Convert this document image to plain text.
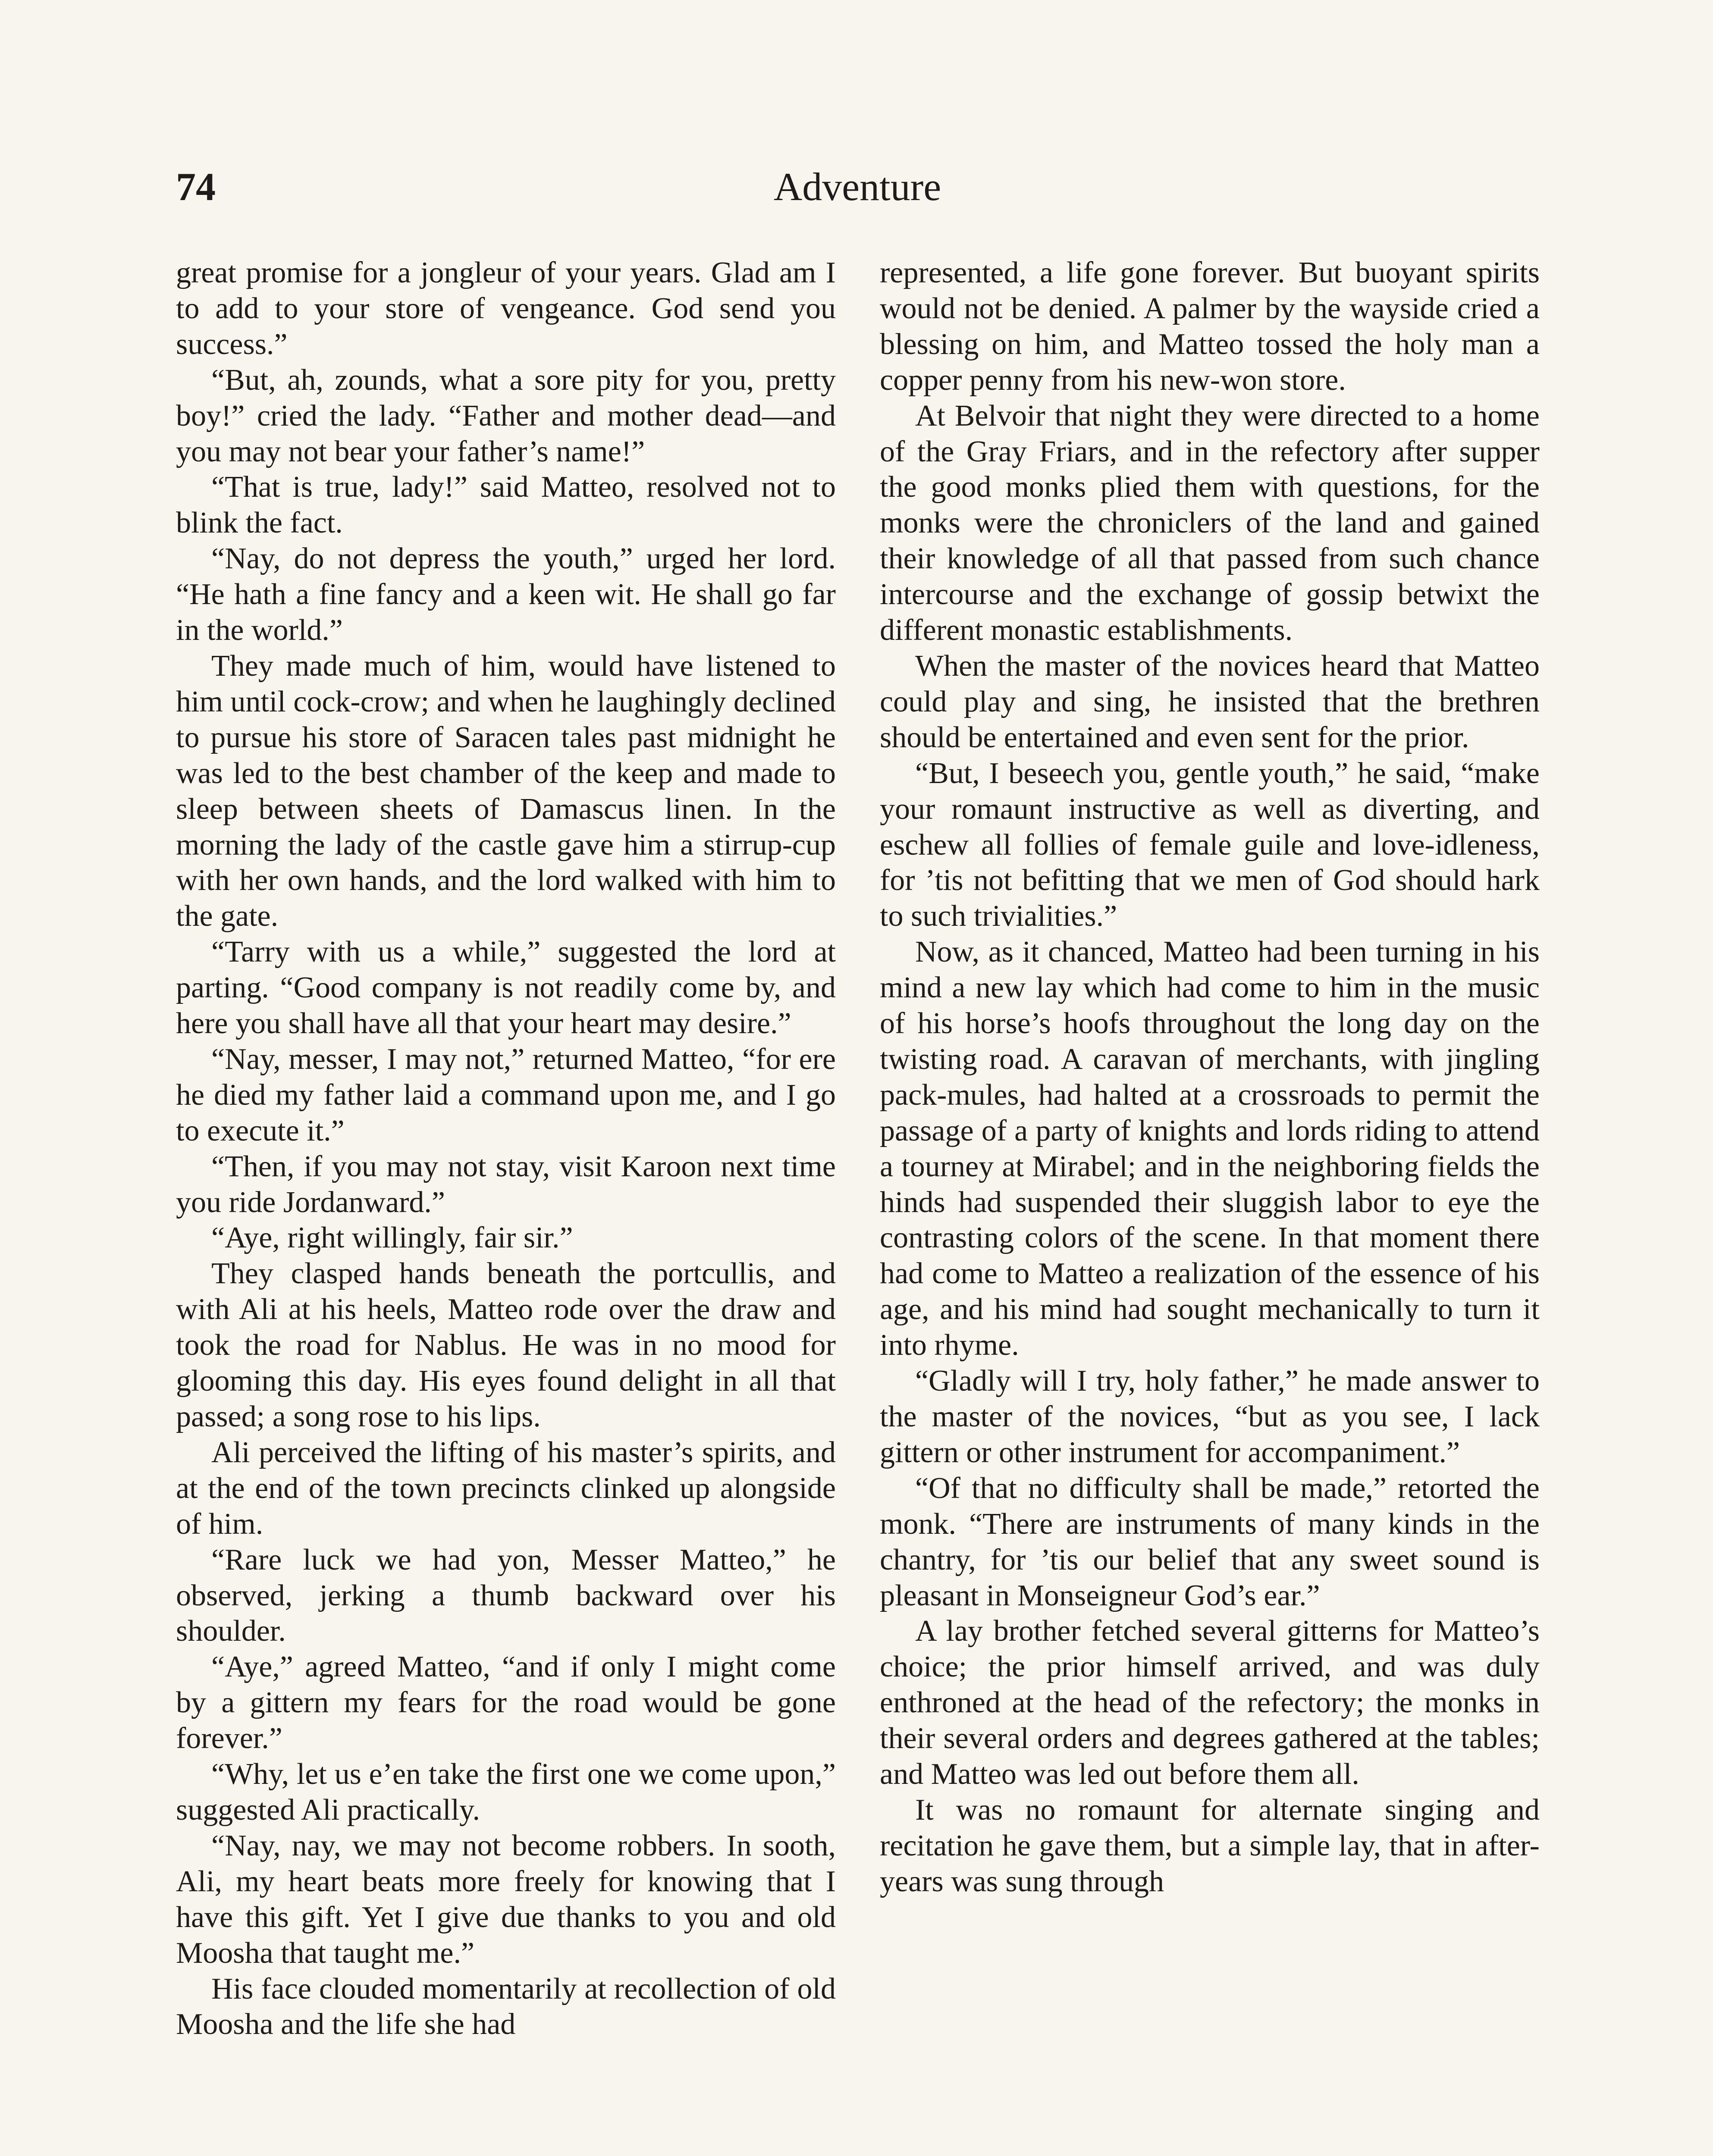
74	Adventure

great promise for a jongleur of your years. Glad am I to add to your store of vengeance. God send you success.”

“But, ah, zounds, what a sore pity for you, pretty boy!” cried the lady. “Father and mother dead—and you may not bear your father’s name!”

“That is true, lady!” said Matteo, resolved not to blink the fact.

“Nay, do not depress the youth,” urged her lord. “He hath a fine fancy and a keen wit. He shall go far in the world.”

They made much of him, would have listened to him until cock-crow; and when he laughingly declined to pursue his store of Saracen tales past midnight he was led to the best chamber of the keep and made to sleep between sheets of Damascus linen. In the morning the lady of the castle gave him a stirrup-cup with her own hands, and the lord walked with him to the gate.

“Tarry with us a while,” suggested the lord at parting. “Good company is not readily come by, and here you shall have all that your heart may desire.”

“Nay, messer, I may not,” returned Matteo, “for ere he died my father laid a command upon me, and I go to execute it.”

“Then, if you may not stay, visit Karoon next time you ride Jordanward.”

“Aye, right willingly, fair sir.”

They clasped hands beneath the portcullis, and with Ali at his heels, Matteo rode over the draw and took the road for Nablus. He was in no mood for glooming this day. His eyes found delight in all that passed; a song rose to his lips.

Ali perceived the lifting of his master’s spirits, and at the end of the town precincts clinked up alongside of him.

“Rare luck we had yon, Messer Matteo,” he observed, jerking a thumb backward over his shoulder.

“Aye,” agreed Matteo, “and if only I might come by a gittern my fears for the road would be gone forever.”

“Why, let us e’en take the first one we come upon,” suggested Ali practically.

“Nay, nay, we may not become robbers. In sooth, Ali, my heart beats more freely for knowing that I have this gift. Yet I give due thanks to you and old Moosha that taught me.”

His face clouded momentarily at recollection of old Moosha and the life she had

represented, a life gone forever. But buoyant spirits would not be denied. A palmer by the wayside cried a blessing on him, and Matteo tossed the holy man a copper penny from his new-won store.

At Belvoir that night they were directed to a home of the Gray Friars, and in the refectory after supper the good monks plied them with questions, for the monks were the chroniclers of the land and gained their knowledge of all that passed from such chance intercourse and the exchange of gossip betwixt the different monastic establishments.

When the master of the novices heard that Matteo could play and sing, he insisted that the brethren should be entertained and even sent for the prior.

“But, I beseech you, gentle youth,” he said, “make your romaunt instructive as well as diverting, and eschew all follies of female guile and love-idleness, for ’tis not befitting that we men of God should hark to such trivialities.”

Now, as it chanced, Matteo had been turning in his mind a new lay which had come to him in the music of his horse’s hoofs throughout the long day on the twisting road. A caravan of merchants, with jingling pack-mules, had halted at a crossroads to permit the passage of a party of knights and lords riding to attend a tourney at Mirabel; and in the neighboring fields the hinds had suspended their sluggish labor to eye the contrasting colors of the scene. In that moment there had come to Matteo a realization of the essence of his age, and his mind had sought mechanically to turn it into rhyme.

“Gladly will I try, holy father,” he made answer to the master of the novices, “but as you see, I lack gittern or other instrument for accompaniment.”

“Of that no difficulty shall be made,” retorted the monk. “There are instruments of many kinds in the chantry, for ’tis our belief that any sweet sound is pleasant in Monseigneur God’s ear.”

A lay brother fetched several gitterns for Matteo’s choice; the prior himself arrived, and was duly enthroned at the head of the refectory; the monks in their several orders and degrees gathered at the tables; and Matteo was led out before them all.

It was no romaunt for alternate singing and recitation he gave them, but a simple lay, that in after-years was sung through
